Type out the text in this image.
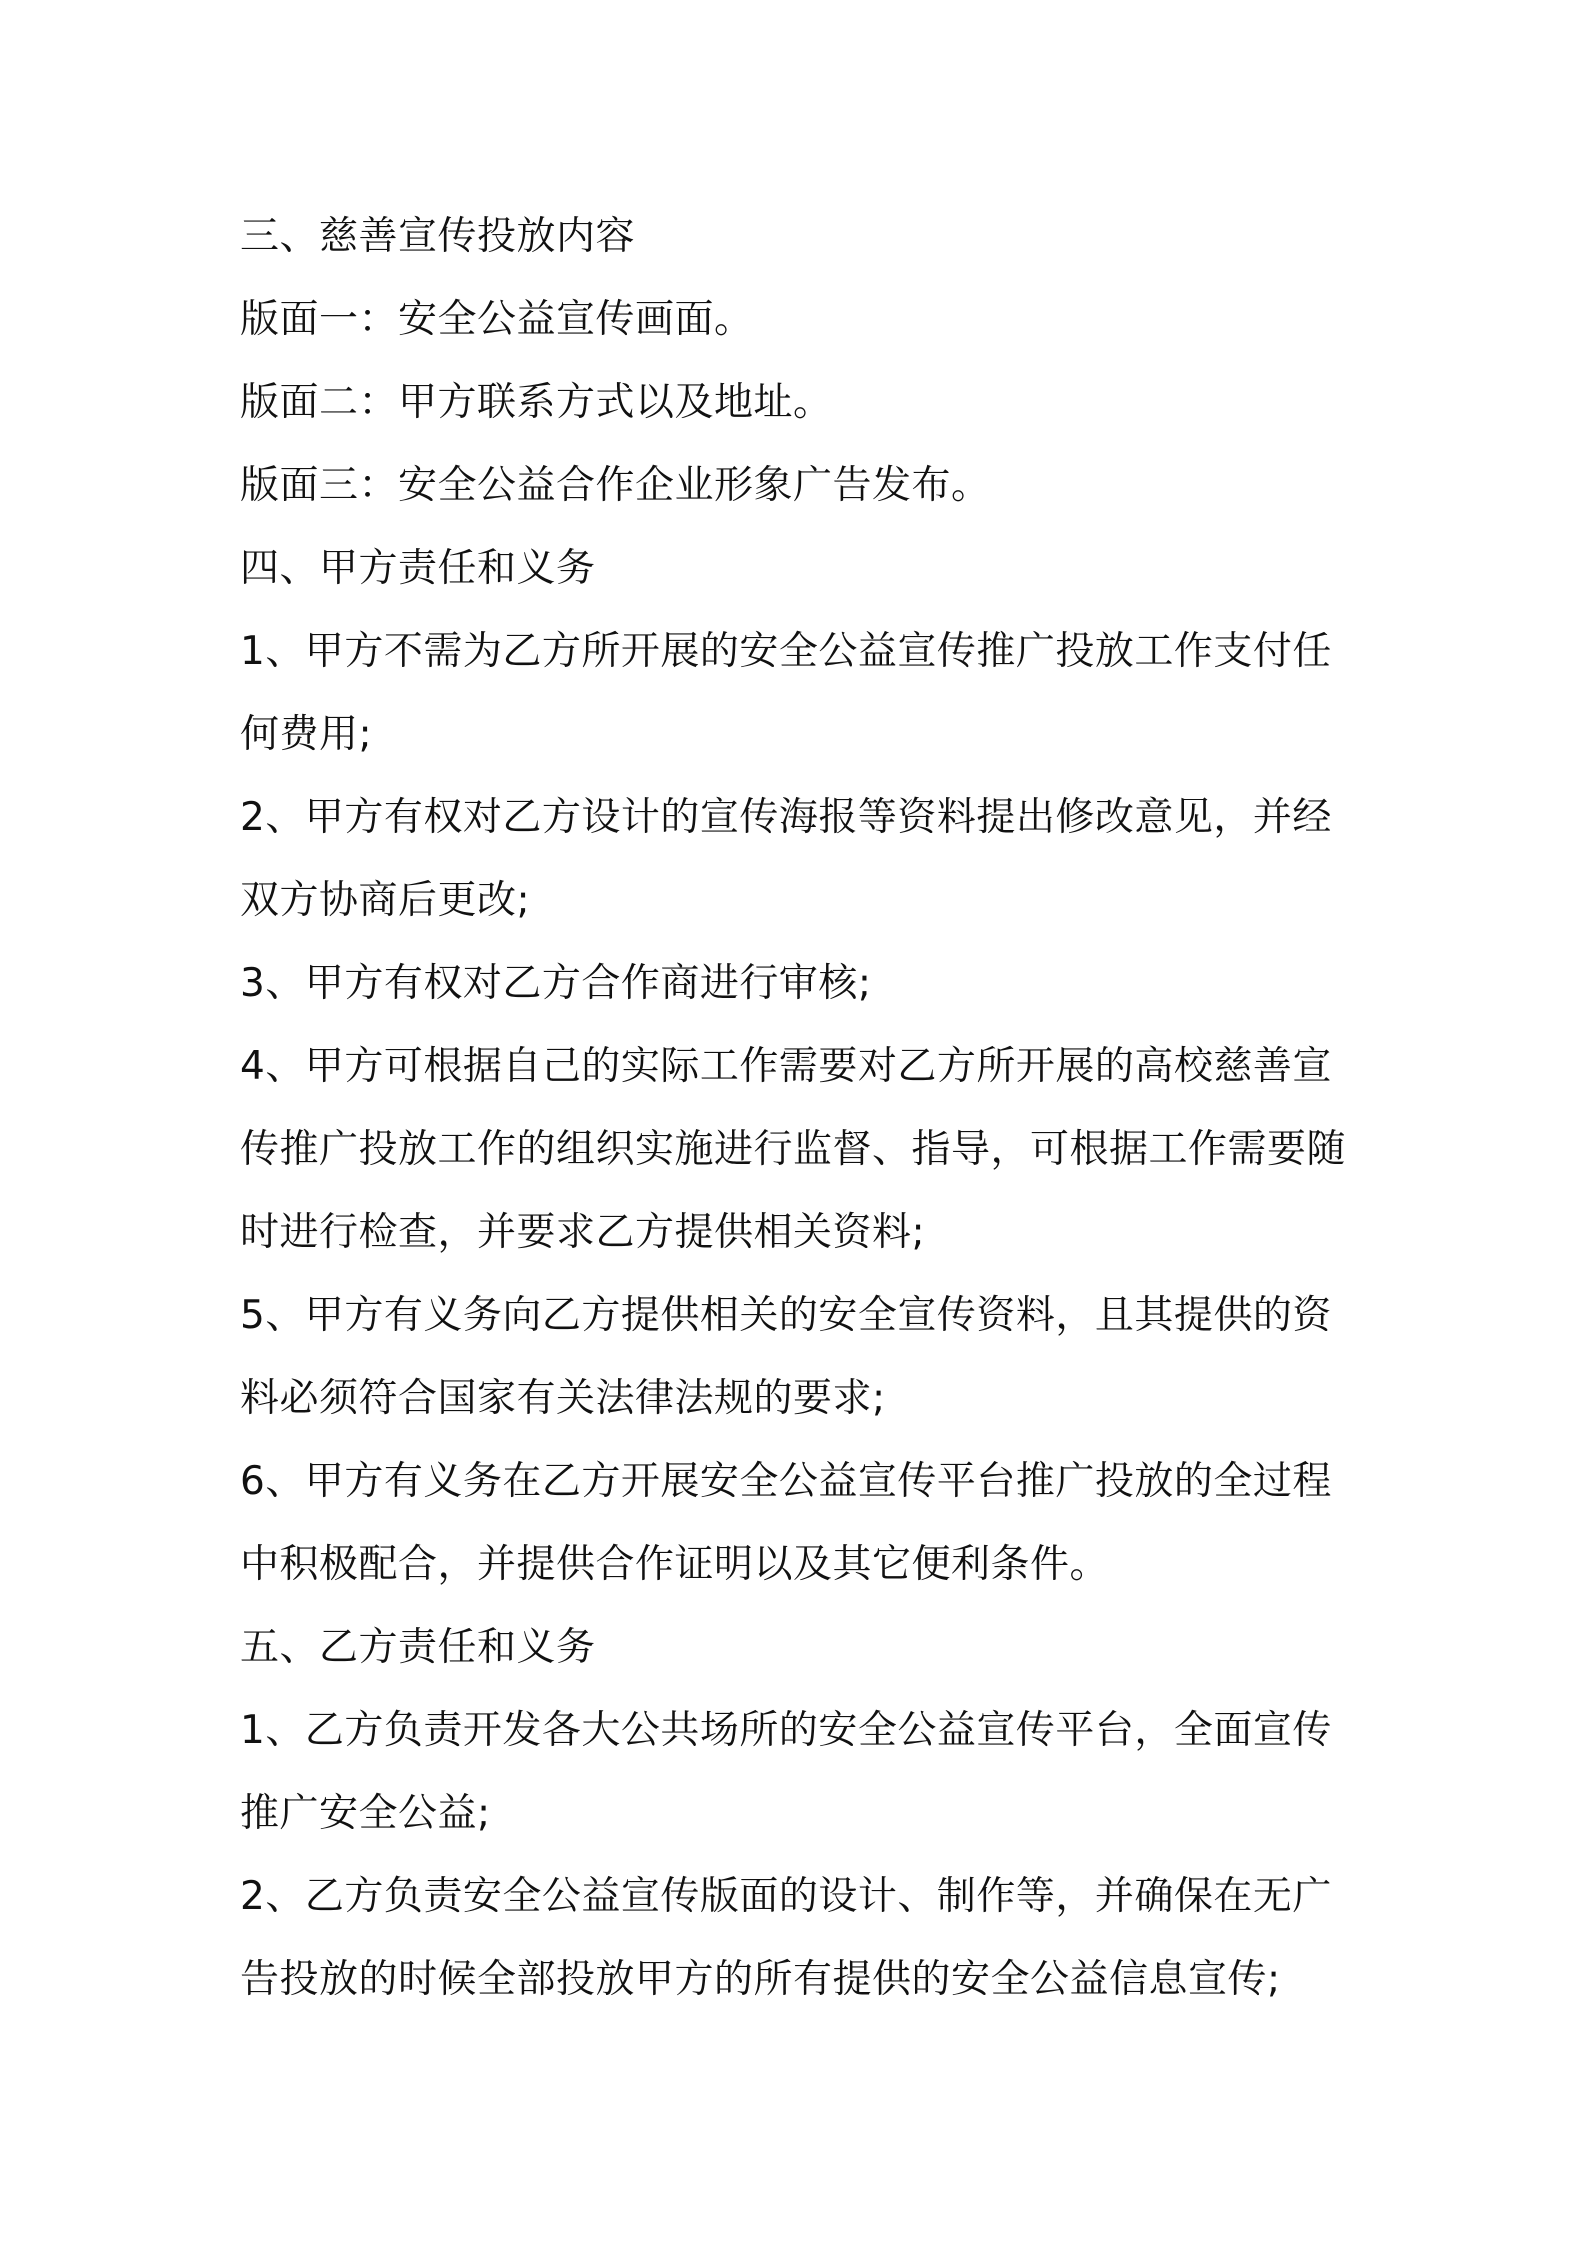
三、慈善宣传投放内容
版面一：安全公益宣传画面。
版面二：甲方联系方式以及地址。
版面三：安全公益合作企业形象广告发布。
四、甲方责任和义务
1、甲方不需为乙方所开展的安全公益宣传推广投放工作支付任
何费用;
2、甲方有权对乙方设计的宣传海报等资料提出修改意见，并经
双方协商后更改;
3、甲方有权对乙方合作商进行审核;
4、甲方可根据自己的实际工作需要对乙方所开展的高校慈善宣
传推广投放工作的组织实施进行监督、指导，可根据工作需要随
时进行检查，并要求乙方提供相关资料;
5、甲方有义务向乙方提供相关的安全宣传资料，且其提供的资
料必须符合国家有关法律法规的要求;
6、甲方有义务在乙方开展安全公益宣传平台推广投放的全过程
中积极配合，并提供合作证明以及其它便利条件。
五、乙方责任和义务
1、乙方负责开发各大公共场所的安全公益宣传平台，全面宣传
推广安全公益;
2、乙方负责安全公益宣传版面的设计、制作等，并确保在无广
告投放的时候全部投放甲方的所有提供的安全公益信息宣传;
